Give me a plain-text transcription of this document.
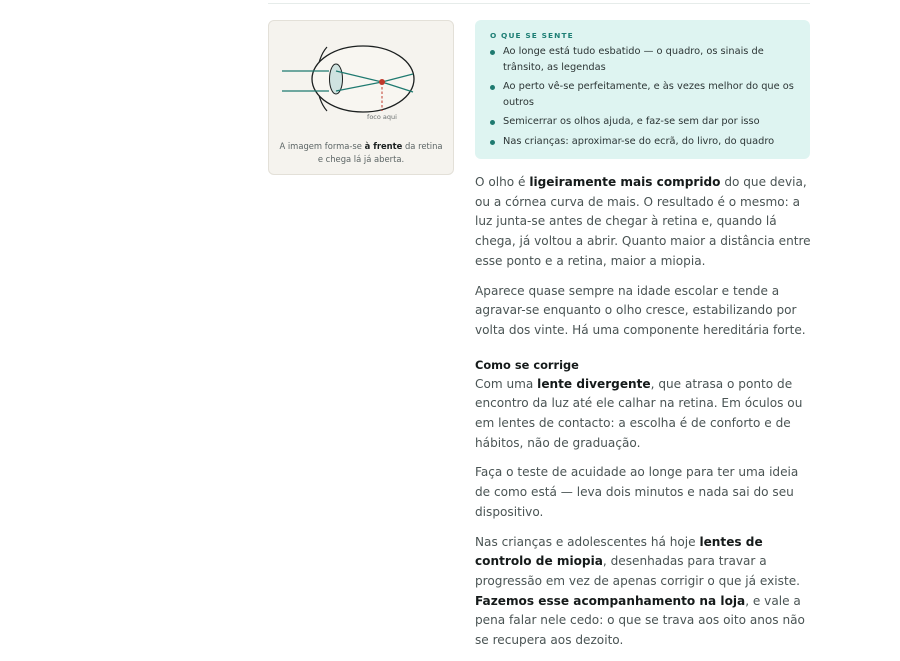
foco aqui
A imagem forma-se à frente da retina e chega lá já aberta.
O QUE SE SENTE
Ao longe está tudo esbatido — o quadro, os sinais de trânsito, as legendas
Ao perto vê-se perfeitamente, e às vezes melhor do que os outros
Semicerrar os olhos ajuda, e faz-se sem dar por isso
Nas crianças: aproximar-se do ecrã, do livro, do quadro

O olho é ligeiramente mais comprido do que devia, ou a córnea curva de mais. O resultado é o mesmo: a luz junta-se antes de chegar à retina e, quando lá chega, já voltou a abrir. Quanto maior a distância entre esse ponto e a retina, maior a miopia.

Aparece quase sempre na idade escolar e tende a agravar-se enquanto o olho cresce, estabilizando por volta dos vinte. Há uma componente hereditária forte.

Como se corrige

Com uma lente divergente, que atrasa o ponto de encontro da luz até ele calhar na retina. Em óculos ou em lentes de contacto: a escolha é de conforto e de hábitos, não de graduação.

Faça o teste de acuidade ao longe para ter uma ideia de como está — leva dois minutos e nada sai do seu dispositivo.

Nas crianças e adolescentes há hoje lentes de controlo de miopia, desenhadas para travar a progressão em vez de apenas corrigir o que já existe. Fazemos esse acompanhamento na loja, e vale a pena falar nele cedo: o que se trava aos oito anos não se recupera aos dezoito.
